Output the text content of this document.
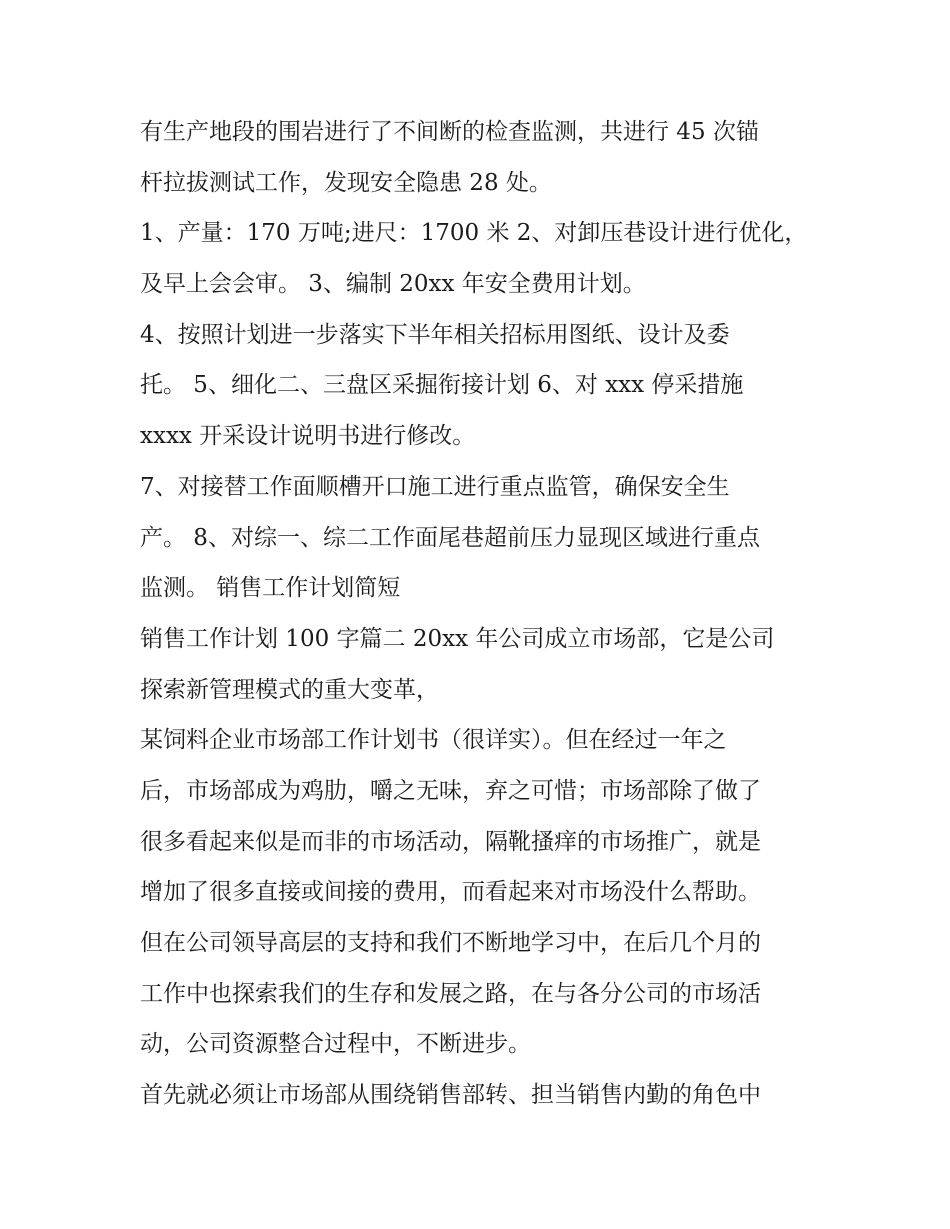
有生产地段的围岩进行了不间断的检查监测，共进行 45 次锚
杆拉拔测试工作，发现安全隐患 28 处。

1、产量：170 万吨;进尺：1700 米 2、对卸压巷设计进行优化，
及早上会会审。 3、编制 20xx 年安全费用计划。

4、按照计划进一步落实下半年相关招标用图纸、设计及委
托。 5、细化二、三盘区采掘衔接计划 6、对 xxx 停采措施
xxxx 开采设计说明书进行修改。

7、对接替工作面顺槽开口施工进行重点监管，确保安全生
产。 8、对综一、综二工作面尾巷超前压力显现区域进行重点
监测。 销售工作计划简短

销售工作计划 100 字篇二 20xx 年公司成立市场部，它是公司
探索新管理模式的重大变革，

某饲料企业市场部工作计划书（很详实）。但在经过一年之
后，市场部成为鸡肋，嚼之无味，弃之可惜；市场部除了做了
很多看起来似是而非的市场活动，隔靴搔痒的市场推广，就是
增加了很多直接或间接的费用，而看起来对市场没什么帮助。
但在公司领导高层的支持和我们不断地学习中，在后几个月的
工作中也探索我们的生存和发展之路，在与各分公司的市场活
动，公司资源整合过程中，不断进步。

首先就必须让市场部从围绕销售部转、担当销售内勤的角色中
